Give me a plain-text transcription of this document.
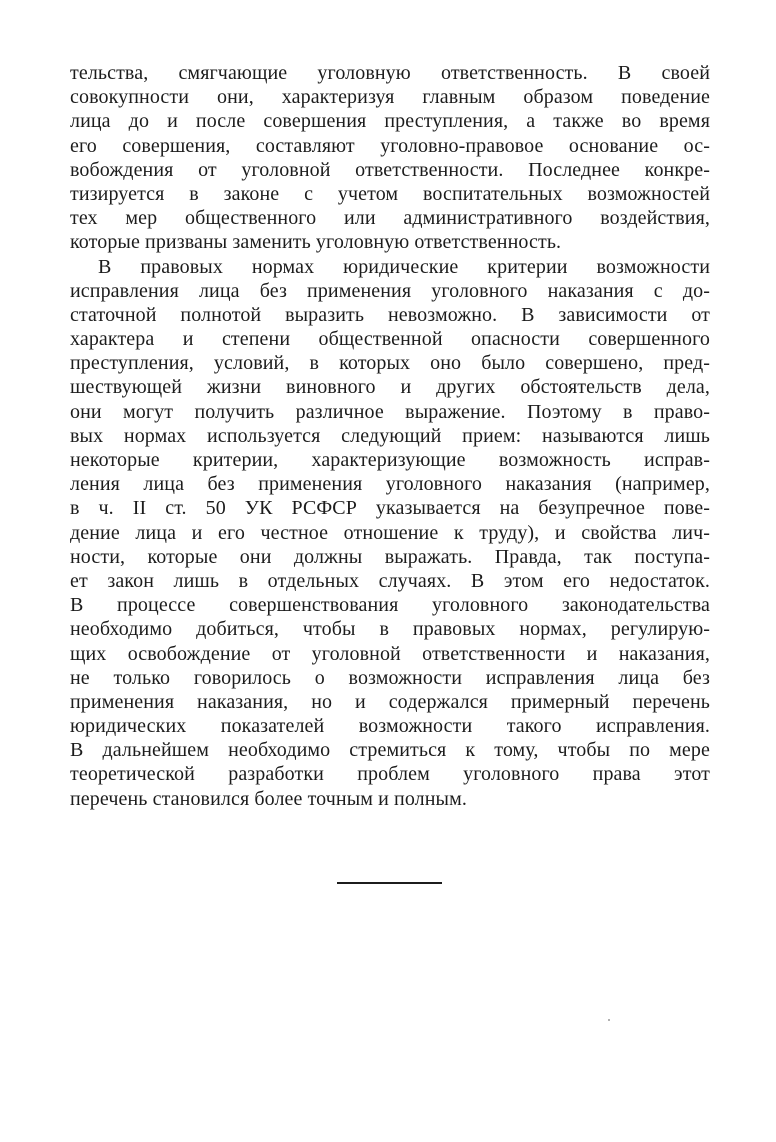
тельства, смягчающие уголовную ответственность. В своей
совокупности они, характеризуя главным образом поведение
лица до и после совершения преступления, а также во время
его совершения, составляют уголовно-правовое основание ос-
вобождения от уголовной ответственности. Последнее конкре-
тизируется в законе с учетом воспитательных возможностей
тех мер общественного или административного воздействия,
которые призваны заменить уголовную ответственность.
В правовых нормах юридические критерии возможности
исправления лица без применения уголовного наказания с до-
статочной полнотой выразить невозможно. В зависимости от
характера и степени общественной опасности совершенного
преступления, условий, в которых оно было совершено, пред-
шествующей жизни виновного и других обстоятельств дела,
они могут получить различное выражение. Поэтому в право-
вых нормах используется следующий прием: называются лишь
некоторые критерии, характеризующие возможность исправ-
ления лица без применения уголовного наказания (например,
в ч. II ст. 50 УК РСФСР указывается на безупречное пове-
дение лица и его честное отношение к труду), и свойства лич-
ности, которые они должны выражать. Правда, так поступа-
ет закон лишь в отдельных случаях. В этом его недостаток.
В процессе совершенствования уголовного законодательства
необходимо добиться, чтобы в правовых нормах, регулирую-
щих освобождение от уголовной ответственности и наказания,
не только говорилось о возможности исправления лица без
применения наказания, но и содержался примерный перечень
юридических показателей возможности такого исправления.
В дальнейшем необходимо стремиться к тому, чтобы по мере
теоретической разработки проблем уголовного права этот
перечень становился более точным и полным.
